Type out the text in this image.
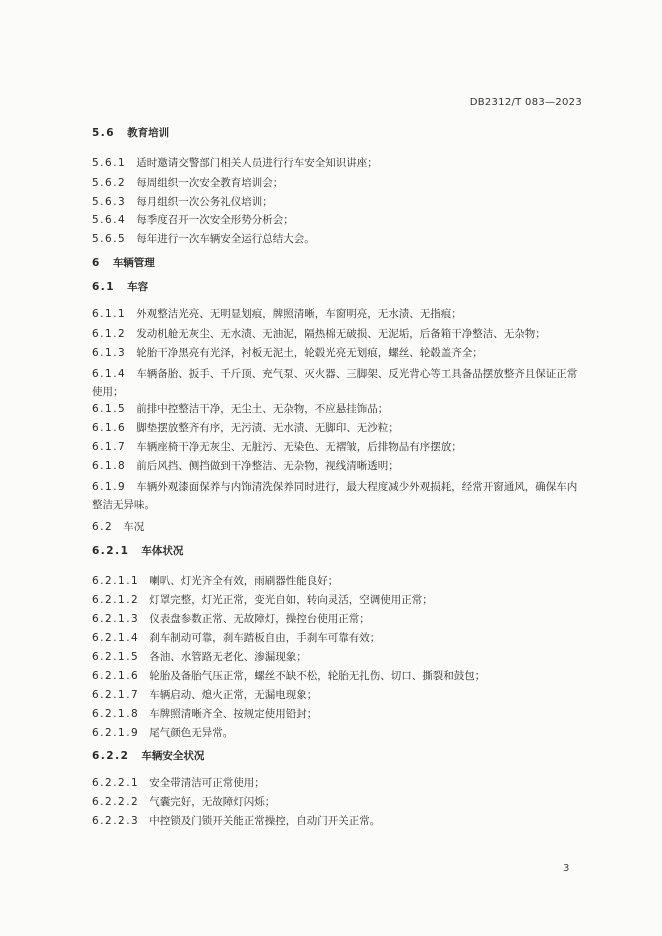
DB2312/T 083—2023
5.6 教育培训
5.6.1 适时邀请交警部门相关人员进行行车安全知识讲座；
5.6.2 每周组织一次安全教育培训会；
5.6.3 每月组织一次公务礼仪培训；
5.6.4 每季度召开一次安全形势分析会；
5.6.5 每年进行一次车辆安全运行总结大会。
6 车辆管理
6.1 车容
6.1.1 外观整洁光亮、无明显划痕，牌照清晰，车窗明亮，无水渍、无指痕；
6.1.2 发动机舱无灰尘、无水渍、无油泥，隔热棉无破损、无泥垢，后备箱干净整洁、无杂物；
6.1.3 轮胎干净黑亮有光泽，衬板无泥土，轮毂光亮无划痕，螺丝、轮毂盖齐全；
6.1.4 车辆备胎、扳手、千斤顶、充气泵、灭火器、三脚架、反光背心等工具备品摆放整齐且保证正常使用；
6.1.5 前排中控整洁干净，无尘土、无杂物，不应悬挂饰品；
6.1.6 脚垫摆放整齐有序，无污渍、无水渍、无脚印、无沙粒；
6.1.7 车辆座椅干净无灰尘、无脏污、无染色、无褶皱，后排物品有序摆放；
6.1.8 前后风挡、侧挡做到干净整洁、无杂物，视线清晰透明；
6.1.9 车辆外观漆面保养与内饰清洗保养同时进行，最大程度减少外观损耗，经常开窗通风，确保车内整洁无异味。
6.2 车况
6.2.1 车体状况
6.2.1.1 喇叭、灯光齐全有效，雨刷器性能良好；
6.2.1.2 灯罩完整，灯光正常，变光自如，转向灵活，空调使用正常；
6.2.1.3 仪表盘参数正常、无故障灯，操控台使用正常；
6.2.1.4 刹车制动可靠，刹车踏板自由，手刹车可靠有效；
6.2.1.5 各油、水管路无老化、渗漏现象；
6.2.1.6 轮胎及备胎气压正常，螺丝不缺不松，轮胎无扎伤、切口、撕裂和鼓包；
6.2.1.7 车辆启动、熄火正常，无漏电现象；
6.2.1.8 车牌照清晰齐全、按规定使用铅封；
6.2.1.9 尾气颜色无异常。
6.2.2 车辆安全状况
6.2.2.1 安全带清洁可正常使用；
6.2.2.2 气囊完好，无故障灯闪烁；
6.2.2.3 中控锁及门锁开关能正常操控，自动门开关正常。
3
